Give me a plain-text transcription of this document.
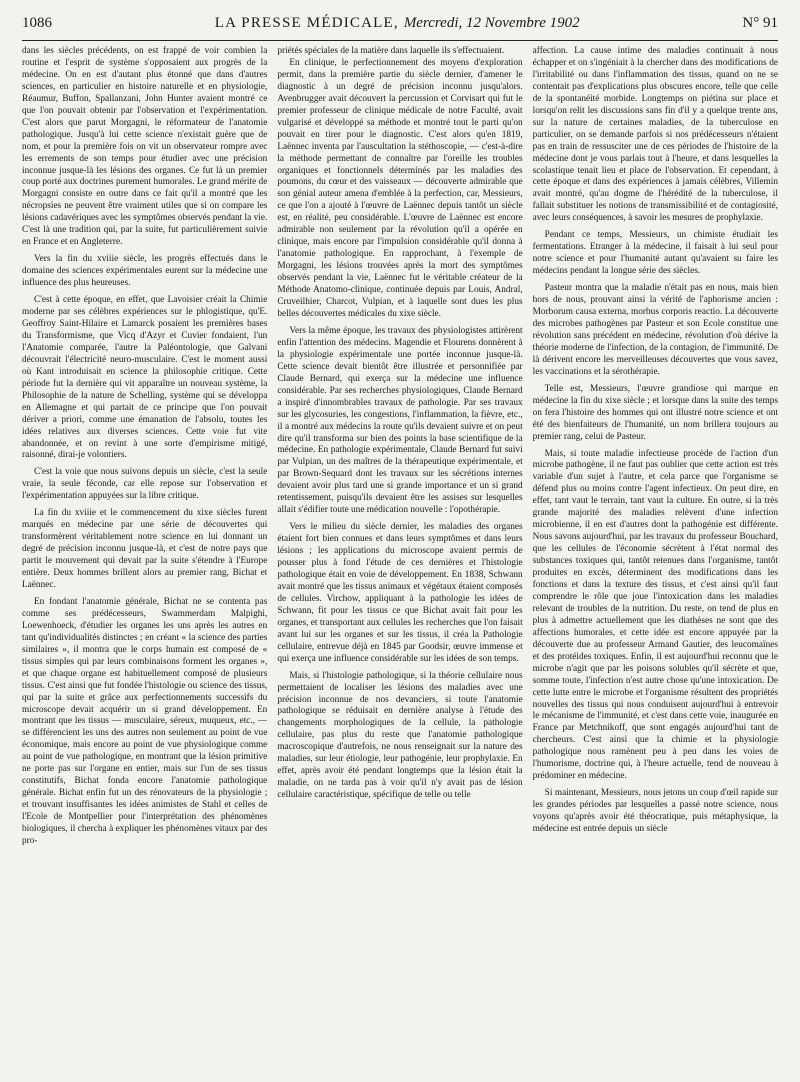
1086	LA PRESSE MÉDICALE, Mercredi, 12 Novembre 1902	N° 91

dans les siècles précédents, on est frappé de voir combien la routine et l'esprit de système s'opposaient aux progrès de la médecine. On en est d'autant plus étonné que dans d'autres sciences, en particulier en histoire naturelle et en physiologie, Réaumur, Buffon, Spallanzani, John Hunter avaient montré ce que l'on pouvait obtenir par l'observation et l'expérimentation. C'est alors que parut Morgagni, le réformateur de l'anatomie pathologique. Jusqu'à lui cette science n'existait guère que de nom, et pour la première fois on vit un observateur rompre avec les errements de son temps pour étudier avec une précision inconnue jusque-là les lésions des organes. Ce fut là un premier coup porté aux doctrines purement humorales. Le grand mérite de Morgagni consiste en outre dans ce fait qu'il a montré que les nécropsies ne peuvent être vraiment utiles que si on compare les lésions cadavériques avec les symptômes observés pendant la vie. C'est là une tradition qui, par la suite, fut particulièrement suivie en France et en Angleterre.

Vers la fin du xviiie siècle, les progrès effectués dans le domaine des sciences expérimentales eurent sur la médecine une influence des plus heureuses.

C'est à cette époque, en effet, que Lavoisier créait la Chimie moderne par ses célèbres expériences sur le phlogistique, qu'E. Geoffroy Saint-Hilaire et Lamarck posaient les premières bases du Transformisme, que Vicq d'Azyr et Cuvier fondaient, l'un l'Anatomie comparée, l'autre la Paléontologie, que Galvani découvrait l'électricité neuro-musculaire. C'est le moment aussi où Kant introduisait en science la philosophie critique. Cette période fut la dernière qui vit apparaître un nouveau système, la Philosophie de la nature de Schelling, système qui se développa en Allemagne et qui partait de ce principe que l'on pouvait dériver a priori, comme une émanation de l'absolu, toutes les idées relatives aux diverses sciences. Cette voie fut vite abandonnée, et on revint à une sorte d'empirisme mitigé, raisonné, dirai-je volontiers.

C'est la voie que nous suivons depuis un siècle, c'est la seule vraie, la seule féconde, car elle repose sur l'observation et l'expérimentation appuyées sur la libre critique.

La fin du xviiie et le commencement du xixe siècles furent marqués en médecine par une série de découvertes qui transformèrent véritablement notre science en lui donnant un degré de précision inconnu jusque-là, et c'est de notre pays que partit le mouvement qui devait par la suite s'étendre à l'Europe entière. Deux hommes brillent alors au premier rang, Bichat et Laënnec.

En fondant l'anatomie générale, Bichat ne se contenta pas comme ses prédécesseurs, Swammerdam Malpighi, Loewenhoeck, d'étudier les organes les uns après les autres en tant qu'individualités distinctes ; en créant « la science des parties similaires », il montra que le corps humain est composé de « tissus simples qui par leurs combinaisons forment les organes », et que chaque organe est habituellement composé de plusieurs tissus. C'est ainsi que fut fondée l'histologie ou science des tissus, qui par la suite et grâce aux perfectionnements successifs du microscope devait acquérir un si grand développement. En montrant que les tissus — musculaire, séreux, muqueux, etc., — se différencient les uns des autres non seulement au point de vue économique, mais encore au point de vue physiologique comme au point de vue pathologique, en montrant que la lésion primitive ne porte pas sur l'organe en entier, mais sur l'un de ses tissus constitutifs, Bichat fonda encore l'anatomie pathologique générale. Bichat enfin fut un des rénovateurs de la physiologie ; et trouvant insuffisantes les idées animistes de Stahl et celles de l'Ecole de Montpellier pour l'interprétation des phénomènes biologiques, il chercha à expliquer les phénomènes vitaux par des pro-

priétés spéciales de la matière dans laquelle ils s'effectuaient.

En clinique, le perfectionnement des moyens d'exploration permit, dans la première partie du siècle dernier, d'amener le diagnostic à un degré de précision inconnu jusqu'alors. Avenbrugger avait découvert la percussion et Corvisart qui fut le premier professeur de clinique médicale de notre Faculté, avait vulgarisé et développé sa méthode et montré tout le parti qu'on pouvait en tirer pour le diagnostic. C'est alors qu'en 1819, Laënnec inventa par l'auscultation la stéthoscopie, — c'est-à-dire la méthode permettant de connaître par l'oreille les troubles organiques et fonctionnels déterminés par les maladies des poumons, du cœur et des vaisseaux — découverte admirable que son génial auteur amena d'emblée à la perfection, car, Messieurs, ce que l'on a ajouté à l'œuvre de Laënnec depuis tantôt un siècle est, en réalité, peu considérable. L'œuvre de Laënnec est encore admirable non seulement par la révolution qu'il a opérée en clinique, mais encore par l'impulsion considérable qu'il donna à l'anatomie pathologique. En rapprochant, à l'exemple de Morgagni, les lésions trouvées après la mort des symptômes observés pendant la vie, Laënnec fut le véritable créateur de la Méthode Anatomo-clinique, continuée depuis par Louis, Andral, Cruveilhier, Charcot, Vulpian, et à laquelle sont dues les plus belles découvertes médicales du xixe siècle.

Vers la même époque, les travaux des physiologistes attirèrent enfin l'attention des médecins. Magendie et Flourens donnèrent à la physiologie expérimentale une portée inconnue jusque-là. Cette science devait bientôt être illustrée et personnifiée par Claude Bernard, qui exerça sur la médecine une influence considérable. Par ses recherches physiologiques, Claude Bernard a inspiré d'innombrables travaux de pathologie. Par ses travaux sur les glycosuries, les congestions, l'inflammation, la fièvre, etc., il a montré aux médecins la route qu'ils devaient suivre et on peut dire qu'il transforma sur bien des points la base scientifique de la médecine. En pathologie expérimentale, Claude Bernard fut suivi par Vulpian, un des maîtres de la thérapeutique expérimentale, et par Brown-Sequard dont les travaux sur les sécrétions internes devaient avoir plus tard une si grande importance et un si grand retentissement, puisqu'ils devaient être les assises sur lesquelles allait s'édifier toute une médication nouvelle : l'opothérapie.

Vers le milieu du siècle dernier, les maladies des organes étaient fort bien connues et dans leurs symptômes et dans leurs lésions ; les applications du microscope avaient permis de pousser plus à fond l'étude de ces dernières et l'histologie pathologique était en voie de développement. En 1838, Schwann avait montré que les tissus animaux et végétaux étaient composés de cellules. Virchow, appliquant à la pathologie les idées de Schwann, fit pour les tissus ce que Bichat avait fait pour les organes, et transportant aux cellules les recherches que l'on faisait avant lui sur les organes et sur les tissus, il créa la Pathologie cellulaire, entrevue déjà en 1845 par Goodsir, œuvre immense et qui exerça une influence considérable sur les idées de son temps.

Mais, si l'histologie pathologique, si la théorie cellulaire nous permettaient de localiser les lésions des maladies avec une précision inconnue de nos devanciers, si toute l'anatomie pathologique se réduisait en dernière analyse à l'étude des changements morphologiques de la cellule, la pathologie cellulaire, pas plus du reste que l'anatomie pathologique macroscopique d'autrefois, ne nous renseignait sur la nature des maladies, sur leur étiologie, leur pathogénie, leur prophylaxie. En effet, après avoir été pendant longtemps que la lésion était la maladie, on ne tarda pas à voir qu'il n'y avait pas de lésion cellulaire caractéristique, spécifique de telle ou telle

affection. La cause intime des maladies continuait à nous échapper et on s'ingéniait à la chercher dans des modifications de l'irritabilité ou dans l'inflammation des tissus, quand on ne se contentait pas d'explications plus obscures encore, telle que celle de la spontanéité morbide. Longtemps on piétina sur place et lorsqu'on relit les discussions sans fin d'il y a quelque trente ans, sur la nature de certaines maladies, de la tuberculose en particulier, on se demande parfois si nos prédécesseurs n'étaient pas en train de ressusciter une de ces périodes de l'histoire de la médecine dont je vous parlais tout à l'heure, et dans lesquelles la scolastique tenait lieu et place de l'observation. Et cependant, à cette époque et dans des expériences à jamais célèbres, Villemin avait montré, qu'au dogme de l'hérédité de la tuberculose, il fallait substituer les notions de transmissibilité et de contagiosité, avec leurs conséquences, à savoir les mesures de prophylaxie.

Pendant ce temps, Messieurs, un chimiste étudiait les fermentations. Etranger à la médecine, il faisait à lui seul pour notre science et pour l'humanité autant qu'avaient su faire les médecins pendant la longue série des siècles.

Pasteur montra que la maladie n'était pas en nous, mais bien hors de nous, prouvant ainsi la vérité de l'aphorisme ancien : Morborum causa externa, morbus corporis reactio. La découverte des microbes pathogènes par Pasteur et son Ecole constitue une révolution sans précédent en médecine, révolution d'où dérive la théorie moderne de l'infection, de la contagion, de l'immunité. De là dérivent encore les merveilleuses découvertes que vous savez, les vaccinations et la sérothérapie.

Telle est, Messieurs, l'œuvre grandiose qui marque en médecine la fin du xixe siècle ; et lorsque dans la suite des temps on fera l'histoire des hommes qui ont illustré notre science et ont été des bienfaiteurs de l'humanité, un nom brillera toujours au premier rang, celui de Pasteur.

Mais, si toute maladie infectieuse procède de l'action d'un microbe pathogène, il ne faut pas oublier que cette action est très variable d'un sujet à l'autre, et cela parce que l'organisme se défend plus ou moins contre l'agent infectieux. On peut dire, en effet, tant vaut le terrain, tant vaut la culture. En outre, si la très grande majorité des maladies relèvent d'une infection microbienne, il en est d'autres dont la pathogénie est différente. Nous savons aujourd'hui, par les travaux du professeur Bouchard, que les cellules de l'économie sécrètent à l'état normal des substances toxiques qui, tantôt retenues dans l'organisme, tantôt produites en excès, déterminent des modifications dans les fonctions et dans la texture des tissus, et c'est ainsi qu'il faut comprendre le rôle que joue l'intoxication dans les maladies relevant de troubles de la nutrition. Du reste, on tend de plus en plus à admettre actuellement que les diathèses ne sont que des affections humorales, et cette idée est encore appuyée par la découverte due au professeur Armand Gautier, des leucomaïnes et des protéides toxiques. Enfin, il est aujourd'hui reconnu que le microbe n'agit que par les poisons solubles qu'il sécrète et que, somme toute, l'infection n'est autre chose qu'une intoxication. De cette lutte entre le microbe et l'organisme résultent des propriétés nouvelles des tissus qui nous conduisent aujourd'hui à entrevoir le mécanisme de l'immunité, et c'est dans cette voie, inaugurée en France par Metchnikoff, que sont engagés aujourd'hui tant de chercheurs. C'est ainsi que la chimie et la physiologie pathologique nous ramènent peu à peu dans les voies de l'humorisme, doctrine qui, à l'heure actuelle, tend de nouveau à prédominer en médecine.

Si maintenant, Messieurs, nous jetons un coup d'œil rapide sur les grandes périodes par lesquelles a passé notre science, nous voyons qu'après avoir été théocratique, puis métaphysique, la médecine est entrée depuis un siècle
